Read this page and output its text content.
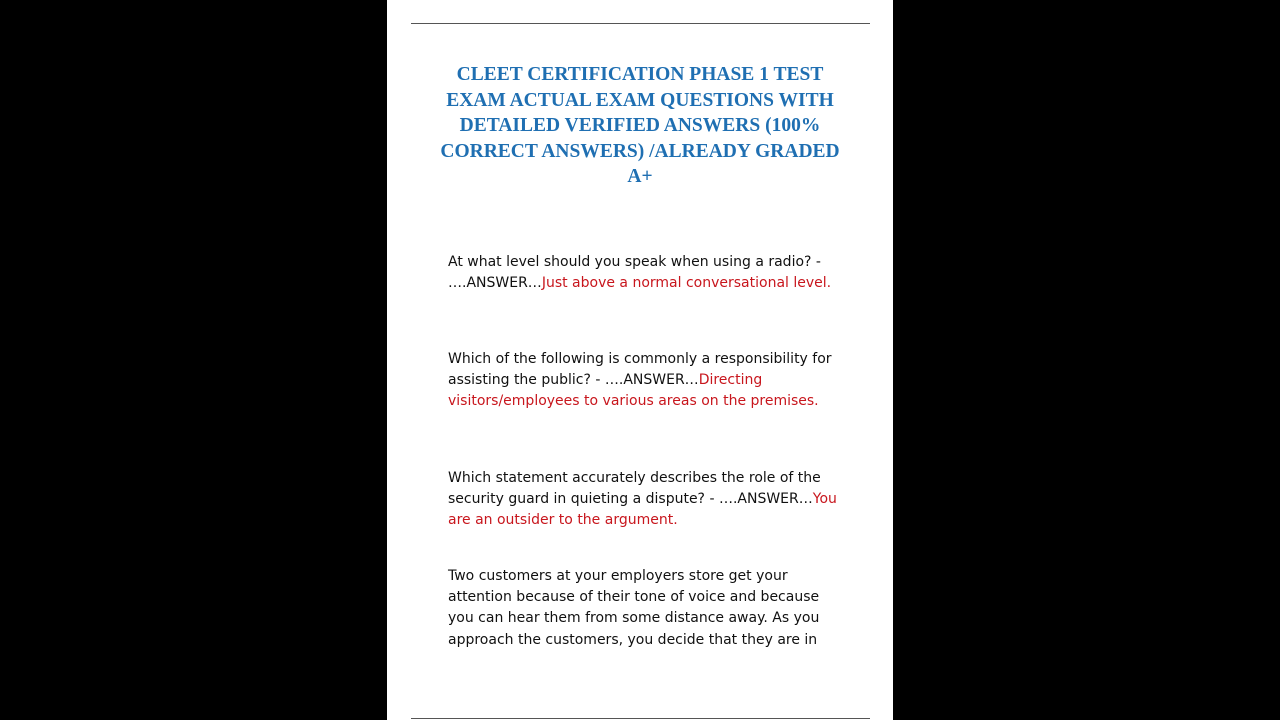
CLEET CERTIFICATION PHASE 1 TEST EXAM ACTUAL EXAM QUESTIONS WITH DETAILED VERIFIED ANSWERS (100% CORRECT ANSWERS) /ALREADY GRADED A+

At what level should you speak when using a radio? - ….ANSWER…Just above a normal conversational level.

Which of the following is commonly a responsibility for assisting the public? - ….ANSWER…Directing visitors/employees to various areas on the premises.

Which statement accurately describes the role of the security guard in quieting a dispute? - ….ANSWER…You are an outsider to the argument.

Two customers at your employers store get your attention because of their tone of voice and because you can hear them from some distance away. As you approach the customers, you decide that they are in
